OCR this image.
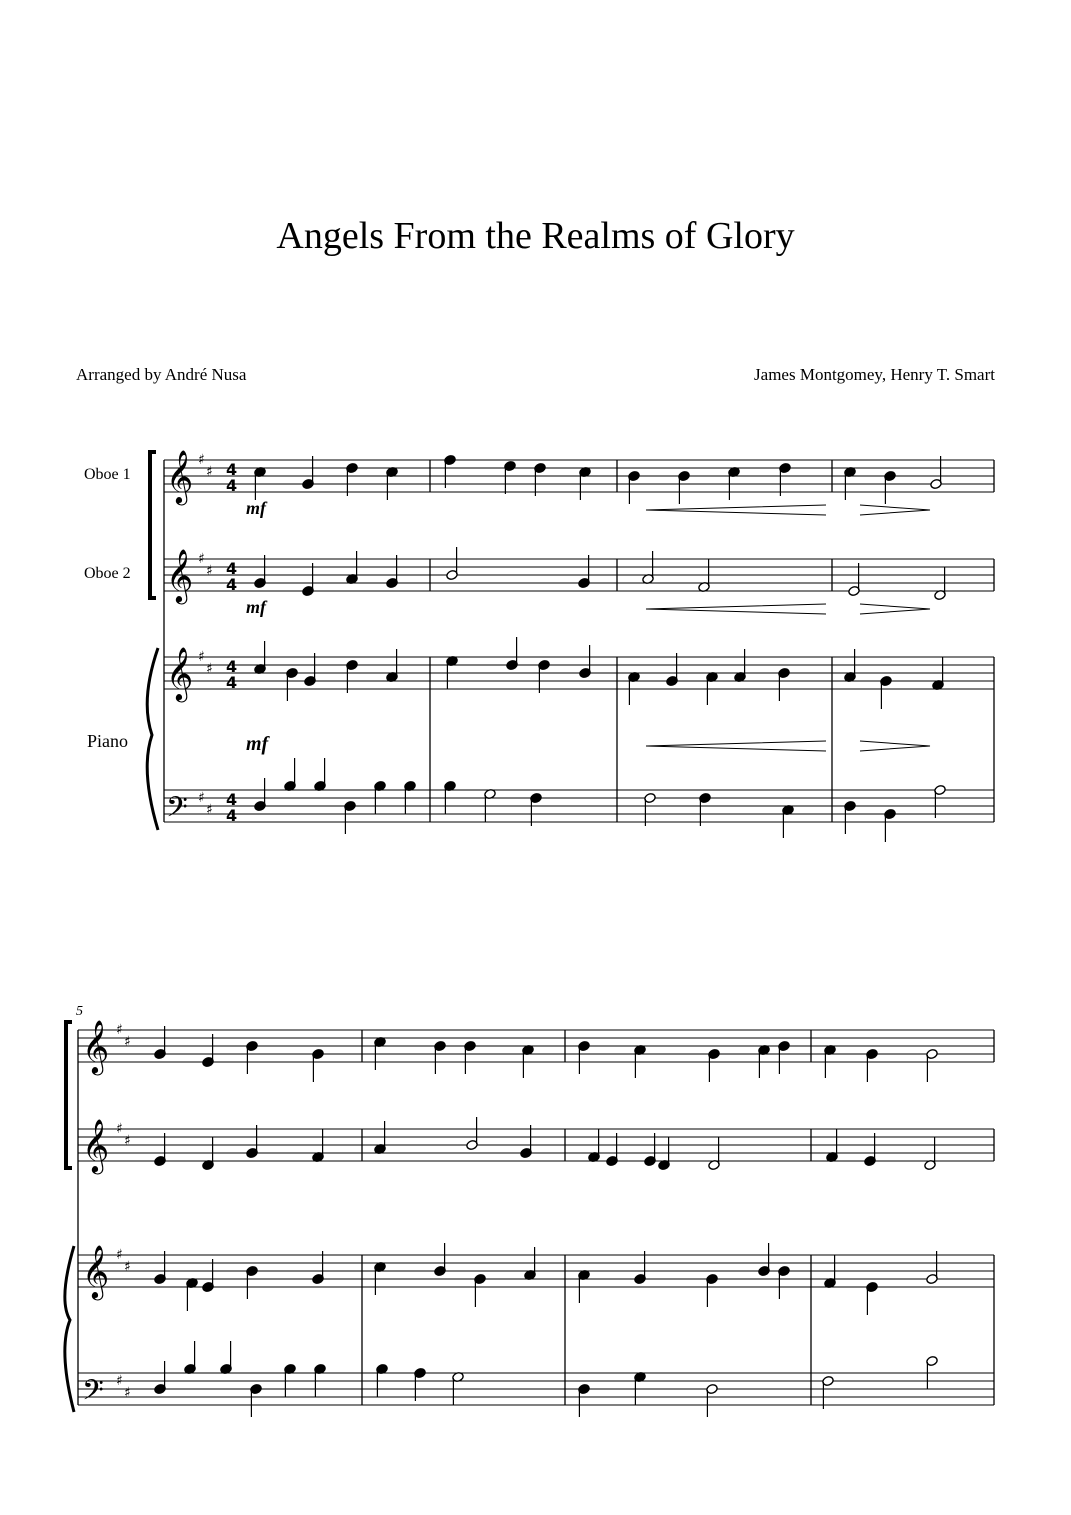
Angels From the Realms of Glory
Arranged by André Nusa	James Montgomey, Henry T. Smart
Oboe 1
Oboe 2
Piano
mf
mf
mf
5
𝄞 ♯
♯ 4
4
𝄞 ♯
♯ 4
4
𝄞 ♯
♯ 4
4
𝄢 ♯
♯
4
4
𝄞 ♯
♯
𝄞 ♯
♯
𝄞 ♯
♯
𝄢 ♯
♯
